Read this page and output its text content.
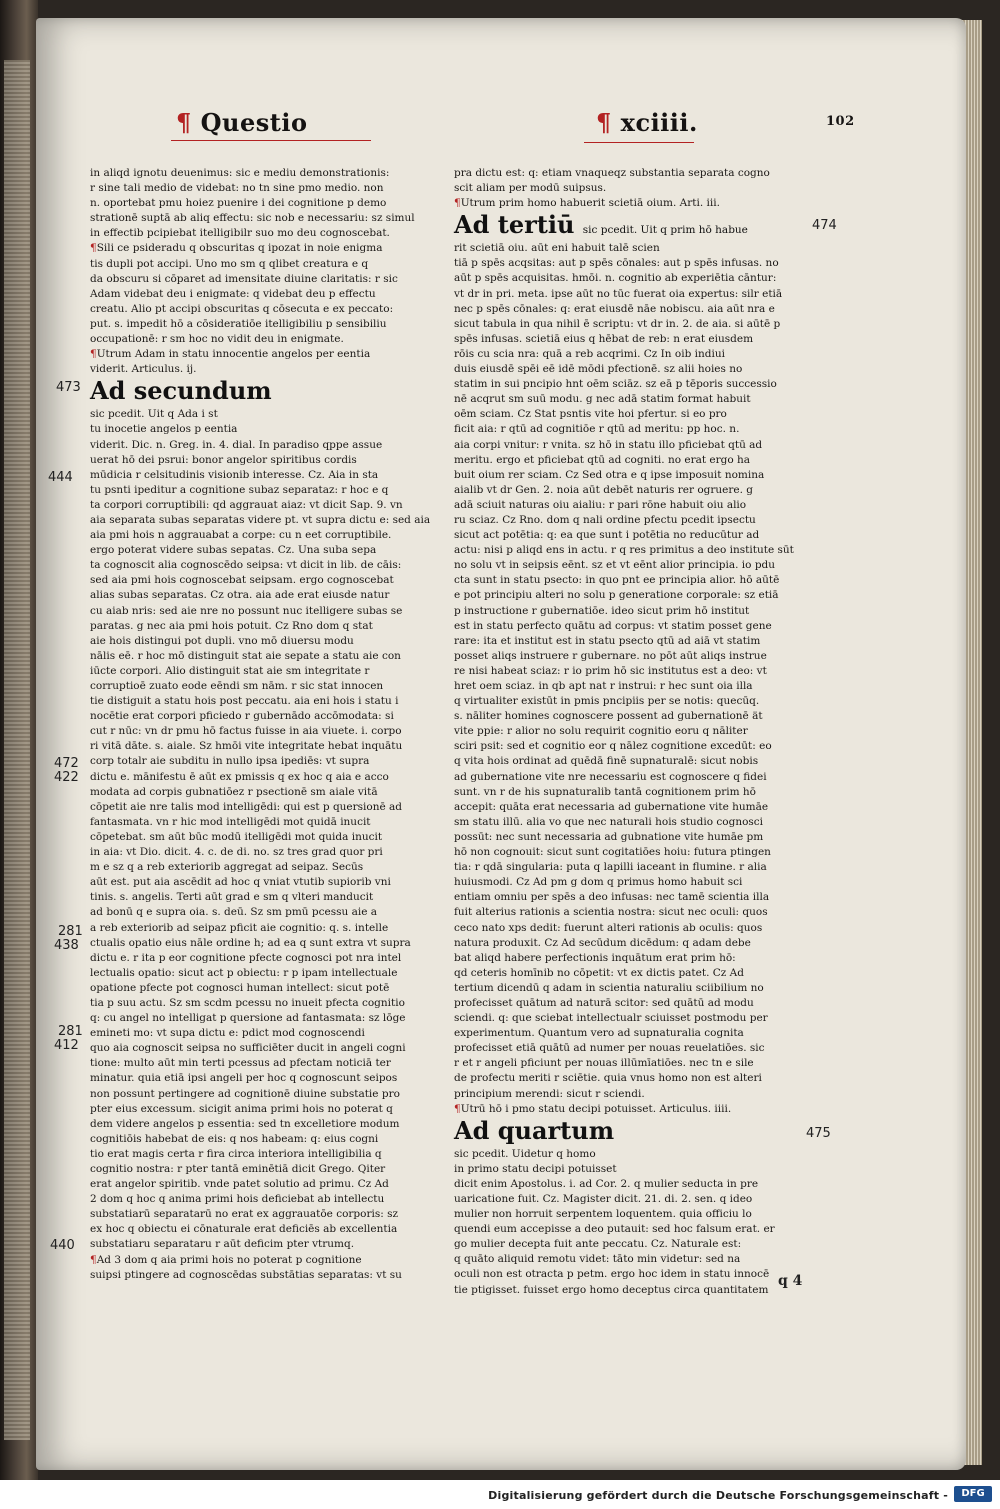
¶ Questio	¶ xciiii.	102
in aliqd ignotu deuenimus: sic e mediu demonstrationis:
r sine tali medio de videbat: no tn sine pmo medio. non
n. oportebat pmu hoiez puenire i dei cognitione p demo
strationē suptā ab aliq effectu: sic nob e necessariu: sz simul
in effectib pcipiebat itelligibilr suo mo deu cognoscebat.
¶Sili ce psideradu q obscuritas q ipozat in noie enigma
tis dupli pot accipi. Uno mo sm q qlibet creatura e q
da obscuru si cōparet ad imensitate diuine claritatis: r sic
Adam videbat deu i enigmate: q videbat deu p effectu
creatu. Alio pt accipi obscuritas q cōsecuta e ex peccato:
put. s. impedit hō a cōsideratiōe itelligibiliu p sensibiliu
occupationē: r sm hoc no vidit deu in enigmate.
¶Utrum Adam in statu innocentie angelos per eentia
viderit. Articulus. ij.
Ad secundum
sic pcedit. Uit q Ada i st
tu inocetie angelos p eentia
viderit. Dic. n. Greg. in. 4. dial. In paradiso qppe assue
uerat hō dei psrui: bonor angelor spiritibus cordis
mūdicia r celsitudinis visionib interesse. Cz. Aia in sta
tu psnti ipeditur a cognitione subaz separataz: r hoc e q
ta corpori corruptibili: qd aggrauat aiaz: vt dicit Sap. 9. vn
aia separata subas separatas videre pt. vt supra dictu e: sed aia
aia pmi hois n aggrauabat a corpe: cu n eet corruptibile.
ergo poterat videre subas sepatas. Cz. Una suba sepa
ta cognoscit alia cognoscēdo seipsa: vt dicit in lib. de cāis:
sed aia pmi hois cognoscebat seipsam. ergo cognoscebat
alias subas separatas. Cz otra. aia ade erat eiusde natur
cu aiab nris: sed aie nre no possunt nuc itelligere subas se
paratas. g nec aia pmi hois potuit. Cz Rno dom q stat
aie hois distingui pot dupli. vno mō diuersu modu
nālis eē. r hoc mō distinguit stat aie sepate a statu aie con
iūcte corpori. Alio distinguit stat aie sm integritate r
corruptioē zuato eode eēndi sm nām. r sic stat innocen
tie distiguit a statu hois post peccatu. aia eni hois i statu i
nocētie erat corpori pficiedo r gubernādo accōmodata: si
cut r nūc: vn dr pmu hō factus fuisse in aia viuete. i. corpo
ri vitā dāte. s. aiale. Sz hmōi vite integritate hebat inquātu
corp totalr aie subditu in nullo ipsa ipediēs: vt supra
dictu e. mānifestu ē aūt ex pmissis q ex hoc q aia e acco
modata ad corpis gubnatiōez r psectionē sm aiale vitā
cōpetit aie nre talis mod intelligēdi: qui est p quersionē ad
fantasmata. vn r hic mod intelligēdi mot quidā inucit
cōpetebat. sm aūt būc modū itelligēdi mot quida inucit
in aia: vt Dio. dicit. 4. c. de di. no. sz tres grad quor pri
m e sz q a reb exteriorib aggregat ad seipaz. Secūs
aūt est. put aia ascēdit ad hoc q vniat vtutib supiorib vni
tinis. s. angelis. Terti aūt grad e sm q vlteri manducit
ad bonū q e supra oia. s. deū. Sz sm pmū pcessu aie a
a reb exteriorib ad seipaz pficit aie cognitio: q. s. intelle
ctualis opatio eius nāle ordine h; ad ea q sunt extra vt supra
dictu e. r ita p eor cognitione pfecte cognosci pot nra intel
lectualis opatio: sicut act p obiectu: r p ipam intellectuale
opatione pfecte pot cognosci human intellect: sicut potē
tia p suu actu. Sz sm scdm pcessu no inueit pfecta cognitio
q: cu angel no intelligat p quersione ad fantasmata: sz lōge
emineti mo: vt supa dictu e: pdict mod cognoscendi
quo aia cognoscit seipsa no sufficiēter ducit in angeli cogni
tione: multo aūt min terti pcessus ad pfectam noticiā ter
minatur. quia etiā ipsi angeli per hoc q cognoscunt seipos
non possunt pertingere ad cognitionē diuine substatie pro
pter eius excessum. sicigit anima primi hois no poterat q
dem videre angelos p essentia: sed tn excelletiore modum
cognitiōis habebat de eis: q nos habeam: q: eius cogni
tio erat magis certa r fira circa interiora intelligibilia q
cognitio nostra: r pter tantā eminētiā dicit Grego. Qiter
erat angelor spiritib. vnde patet solutio ad primu. Cz Ad
2 dom q hoc q anima primi hois deficiebat ab intellectu
substatiarū separatarū no erat ex aggrauatōe corporis: sz
ex hoc q obiectu ei cōnaturale erat deficiēs ab excellentia
substatiaru separataru r aūt deficim pter vtrumq.
¶Ad 3 dom q aia primi hois no poterat p cognitione
suipsi ptingere ad cognoscēdas substātias separatas: vt su
pra dictu est: q: etiam vnaqueqz substantia separata cogno
scit aliam per modū suipsus.
¶Utrum prim homo habuerit scietiā oium. Arti. iii.
Ad tertiū sic pcedit. Uit q prim hō habue
rit scietiā oiu. aūt eni habuit talē scien
tiā p spēs acqsitas: aut p spēs cōnales: aut p spēs infusas. no
aūt p spēs acquisitas. hmōi. n. cognitio ab experiētia cāntur:
vt dr in pri. meta. ipse aūt no tūc fuerat oia expertus: silr etiā
nec p spēs cōnales: q: erat eiusdē nāe nobiscu. aia aūt nra e
sicut tabula in qua nihil ē scriptu: vt dr in. 2. de aia. si aūtē p
spēs infusas. scietiā eius q hēbat de reb: n erat eiusdem
rōis cu scia nra: quā a reb acqrimi. Cz In oib indiui
duis eiusdē spēi eē idē mōdi pfectionē. sz alii hoies no
statim in sui pncipio hnt oēm sciāz. sz eā p tēporis successio
nē acqrut sm suū modu. g nec adā statim format habuit
oēm sciam. Cz Stat psntis vite hoi pfertur. si eo pro
ficit aia: r qtū ad cognitiōe r qtū ad meritu: pp hoc. n.
aia corpi vnitur: r vnita. sz hō in statu illo pficiebat qtū ad
meritu. ergo et pficiebat qtū ad cogniti. no erat ergo ha
buit oium rer sciam. Cz Sed otra e q ipse imposuit nomina
aialib vt dr Gen. 2. noia aūt debēt naturis rer ogruere. g
adā sciuit naturas oiu aialiu: r pari rōne habuit oiu alio
ru sciaz. Cz Rno. dom q nali ordine pfectu pcedit ipsectu
sicut act potētia: q: ea que sunt i potētia no reducūtur ad
actu: nisi p aliqd ens in actu. r q res primitus a deo institute sūt
no solu vt in seipsis eēnt. sz et vt eēnt alior principia. io pdu
cta sunt in statu psecto: in quo pnt ee principia alior. hō aūtē
e pot principiu alteri no solu p generatione corporale: sz etiā
p instructione r gubernatiōe. ideo sicut prim hō institut
est in statu perfecto quātu ad corpus: vt statim posset gene
rare: ita et institut est in statu psecto qtū ad aiā vt statim
posset aliqs instruere r gubernare. no pōt aūt aliqs instrue
re nisi habeat sciaz: r io prim hō sic institutus est a deo: vt
hret oem sciaz. in qb apt nat r instrui: r hec sunt oia illa
q virtualiter existūt in pmis pncipiis per se notis: quecūq.
s. nāliter homines cognoscere possent ad gubernationē ät
vite ppie: r alior no solu requirit cognitio eoru q nāliter
sciri psit: sed et cognitio eor q nālez cognitione excedūt: eo
q vita hois ordinat ad quēdā finē supnaturalē: sicut nobis
ad gubernatione vite nre necessariu est cognoscere q fidei
sunt. vn r de his supnaturalib tantā cognitionem prim hō
accepit: quāta erat necessaria ad gubernatione vite humāe
sm statu illū. alia vo que nec naturali hois studio cognosci
possūt: nec sunt necessaria ad gubnatione vite humāe pm
hō non cognouit: sicut sunt cogitatiōes hoiu: futura ptingen
tia: r qdā singularia: puta q lapilli iaceant in flumine. r alia
huiusmodi. Cz Ad pm g dom q primus homo habuit sci
entiam omniu per spēs a deo infusas: nec tamē scientia illa
fuit alterius rationis a scientia nostra: sicut nec oculi: quos
ceco nato xps dedit: fuerunt alteri rationis ab oculis: quos
natura produxit. Cz Ad secūdum dicēdum: q adam debe
bat aliqd habere perfectionis inquātum erat prim hō:
qd ceteris homīnib no cōpetit: vt ex dictis patet. Cz Ad
tertium dicendū q adam in scientia naturaliu sciibilium no
profecisset quātum ad naturā scitor: sed quātū ad modu
sciendi. q: que sciebat intellectualr sciuisset postmodu per
experimentum. Quantum vero ad supnaturalia cognita
profecisset etiā quātū ad numer per nouas reuelatiōes. sic
r et r angeli pficiunt per nouas illūmīatiōes. nec tn e sile
de profectu meriti r sciētie. quia vnus homo non est alteri
principium merendi: sicut r sciendi.
¶Utrū hō i pmo statu decipi potuisset. Articulus. iiii.
Ad quartum
sic pcedit. Uidetur q homo
in primo statu decipi potuisset
dicit enim Apostolus. i. ad Cor. 2. q mulier seducta in pre
uaricatione fuit. Cz. Magister dicit. 21. di. 2. sen. q ideo
mulier non horruit serpentem loquentem. quia officiu lo
quendi eum accepisse a deo putauit: sed hoc falsum erat. er
go mulier decepta fuit ante peccatu. Cz. Naturale est:
q quāto aliquid remotu videt: tāto min videtur: sed na
oculi non est otracta p petm. ergo hoc idem in statu innocē
tie ptigisset. fuisset ergo homo deceptus circa quantitatem
473
444
472
422
281
438
281
412
440
474
475
q 4
Digitalisierung gefördert durch die Deutsche Forschungsgemeinschaft -	DFG
